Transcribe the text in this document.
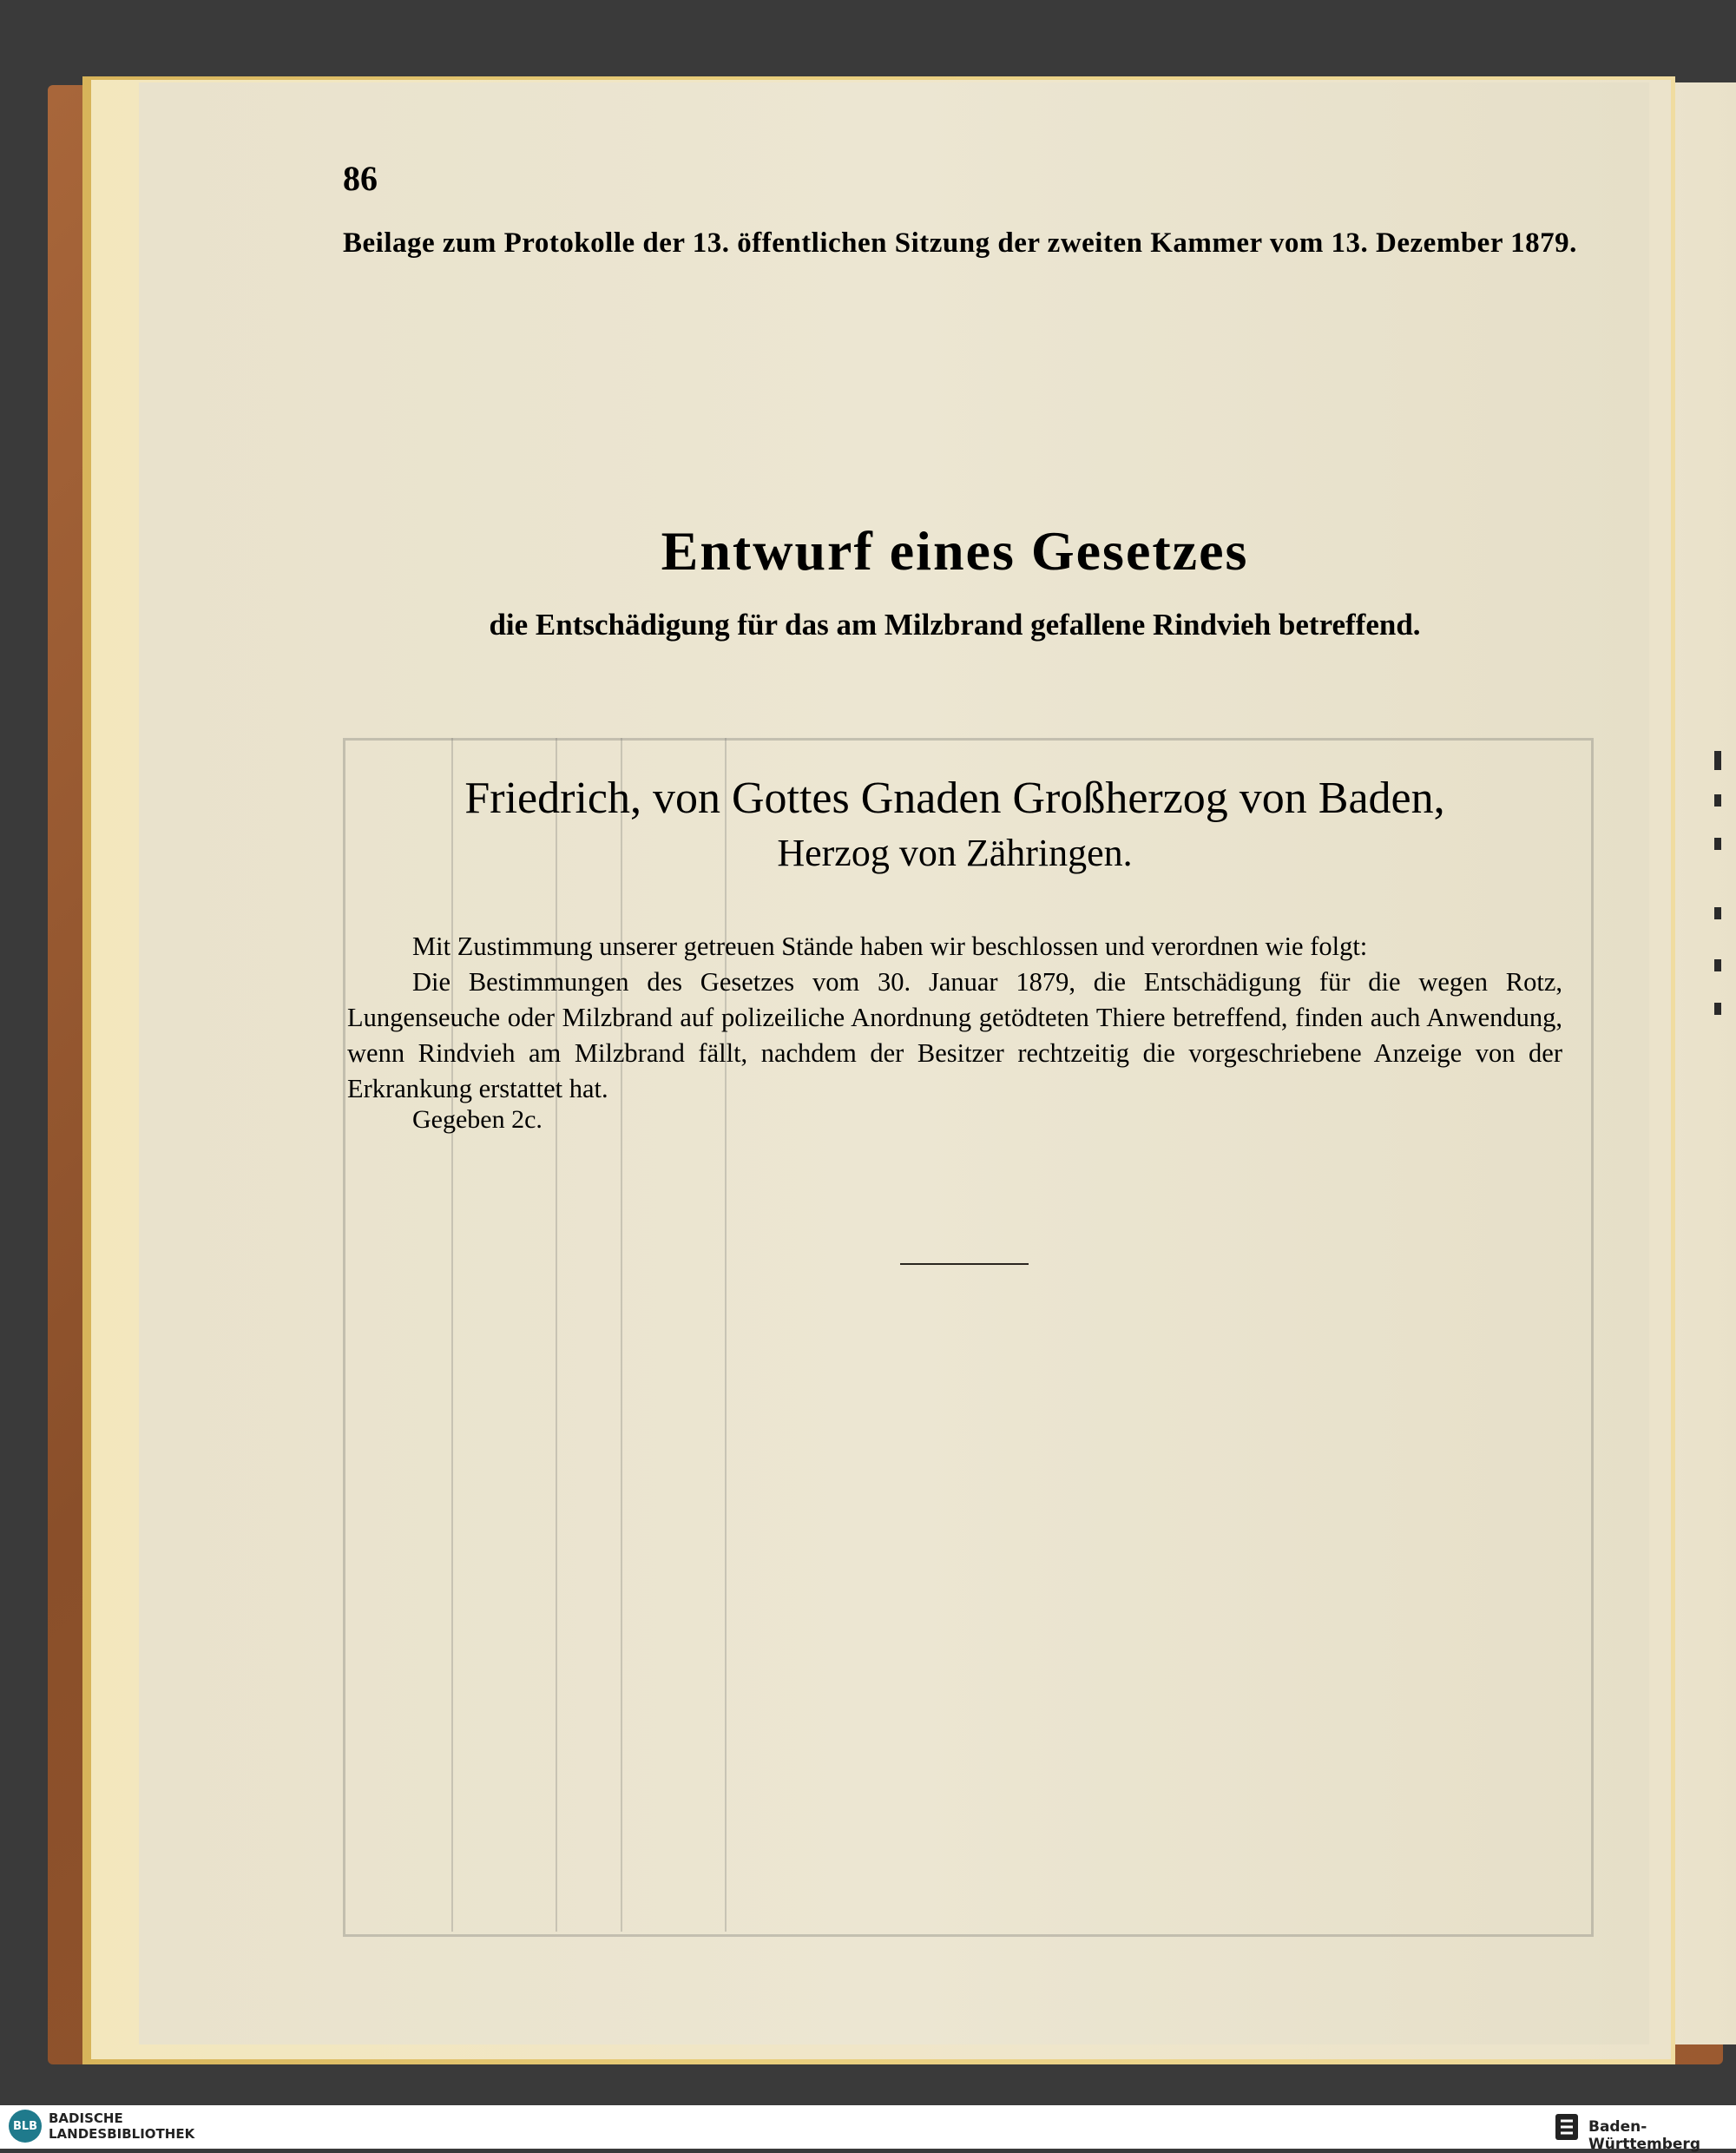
86
Beilage zum Protokolle der 13. öffentlichen Sitzung der zweiten Kammer vom 13. Dezember 1879.
Entwurf eines Gesetzes
die Entschädigung für das am Milzbrand gefallene Rindvieh betreffend.
Friedrich, von Gottes Gnaden Großherzog von Baden,
Herzog von Zähringen.

Mit Zustimmung unserer getreuen Stände haben wir beschlossen und verordnen wie folgt:

Die Bestimmungen des Gesetzes vom 30. Januar 1879, die Entschädigung für die wegen Rotz, Lungenseuche oder Milzbrand auf polizeiliche Anordnung getödteten Thiere betreffend, finden auch Anwendung, wenn Rindvieh am Milzbrand fällt, nachdem der Besitzer rechtzeitig die vorgeschriebene Anzeige von der Erkrankung erstattet hat.

Gegeben 2c.
BLB BADISCHE
LANDESBIBLIOTHEK	Baden-Württemberg
